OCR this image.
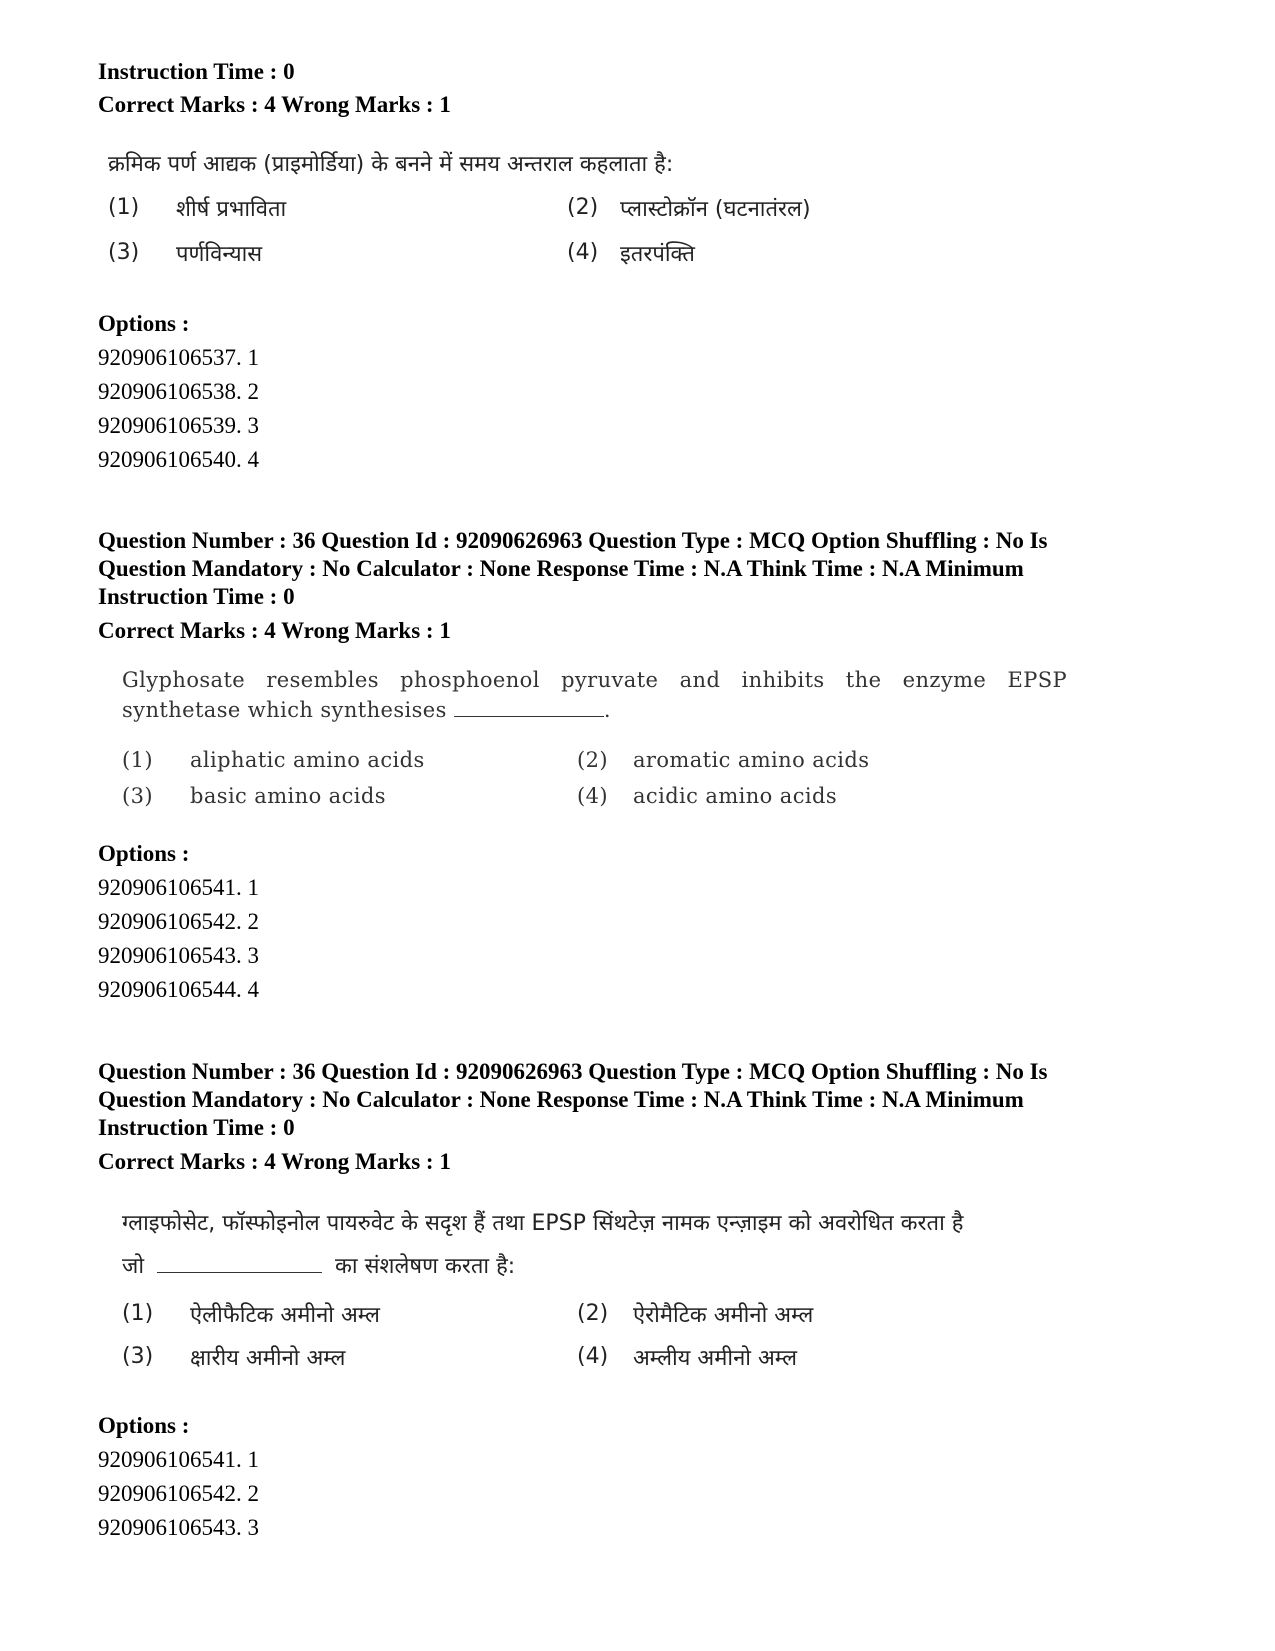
Instruction Time : 0
Correct Marks : 4 Wrong Marks : 1
क्रमिक पर्ण आद्यक (प्राइमोर्डिया) के बनने में समय अन्तराल कहलाता है:
(1) शीर्ष प्रभाविता	(2) प्लास्टोक्रॉन (घटनातंरल)
(3) पर्णविन्यास	(4) इतरपंक्ति
Options :
920906106537. 1
920906106538. 2
920906106539. 3
920906106540. 4
Question Number : 36 Question Id : 92090626963 Question Type : MCQ Option Shuffling : No Is
Question Mandatory : No Calculator : None Response Time : N.A Think Time : N.A Minimum
Instruction Time : 0
Correct Marks : 4 Wrong Marks : 1
Glyphosate   resembles   phosphoenol   pyruvate   and   inhibits   the   enzyme   EPSP
synthetase which synthesises	.
(1) aliphatic amino acids	(2) aromatic amino acids
(3) basic amino acids	(4) acidic amino acids
Options :
920906106541. 1
920906106542. 2
920906106543. 3
920906106544. 4
Question Number : 36 Question Id : 92090626963 Question Type : MCQ Option Shuffling : No Is
Question Mandatory : No Calculator : None Response Time : N.A Think Time : N.A Minimum
Instruction Time : 0
Correct Marks : 4 Wrong Marks : 1
ग्लाइफोसेट, फॉस्फोइनोल पायरुवेट के सदृश हैं तथा EPSP सिंथटेज़ नामक एन्ज़ाइम को अवरोधित करता है
जो	का संशलेषण करता है:
(1) ऐलीफैटिक अमीनो अम्ल	(2) ऐरोमैटिक अमीनो अम्ल
(3) क्षारीय अमीनो अम्ल	(4) अम्लीय अमीनो अम्ल
Options :
920906106541. 1
920906106542. 2
920906106543. 3
